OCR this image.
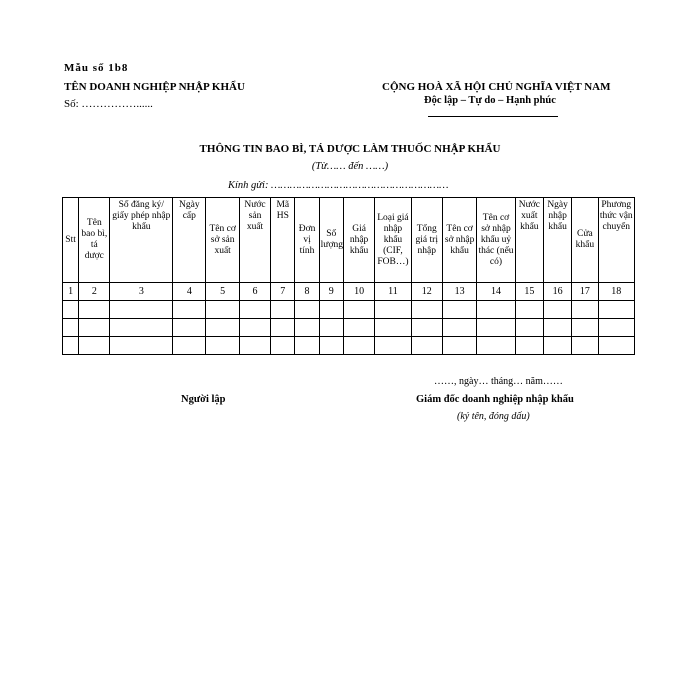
Mẫu số 1b8
TÊN DOANH NGHIỆP NHẬP KHẨU
Số: ……………......
CỘNG HOÀ XÃ HỘI CHỦ NGHĨA VIỆT NAM
Độc lập – Tự do – Hạnh phúc
THÔNG TIN BAO BÌ, TÁ DƯỢC LÀM THUỐC NHẬP KHẨU
(Từ…… đến ……)
Kính gửi: …………………………………………………
Stt	Tên bao bì, tá dược	Số đăng ký/ giấy phép nhập khẩu	Ngày cấp	Tên cơ sở sản xuất	Nước sản xuất	Mã HS	Đơn vị tính	Số lượng	Giá nhập khẩu	Loại giá nhập khẩu (CIF, FOB…)	Tổng giá trị nhập	Tên cơ sở nhập khẩu	Tên cơ sở nhập khẩu uỷ thác (nếu có)	Nước xuất khẩu	Ngày nhập khẩu	Cửa khẩu	Phương thức vận chuyển
1	2	3	4	5	6	7	8	9	10	11	12	13	14	15	16	17	18

……, ngày… tháng… năm……
Người lập	Giám đốc doanh nghiệp nhập khẩu
(ký tên, đóng dấu)
